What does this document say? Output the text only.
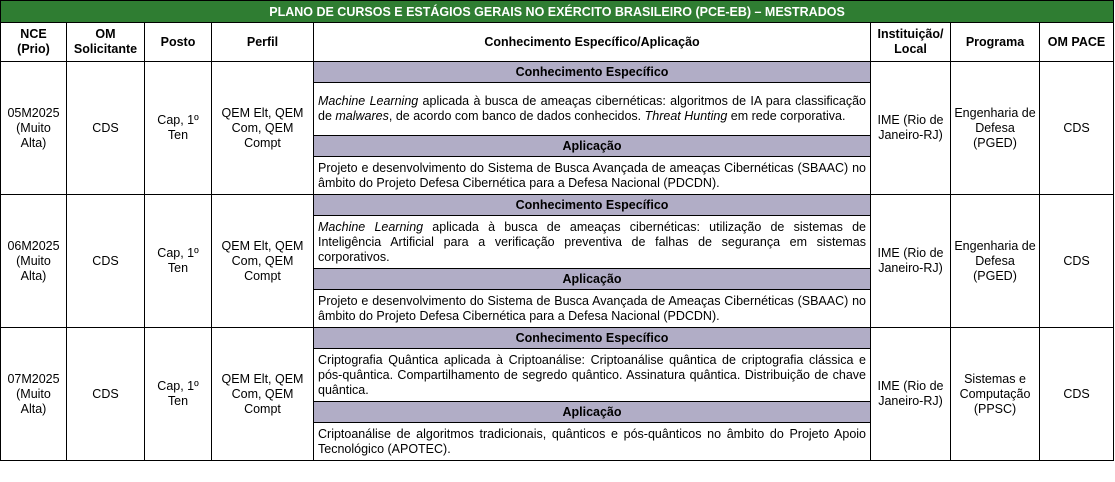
PLANO DE CURSOS E ESTÁGIOS GERAIS NO EXÉRCITO BRASILEIRO (PCE-EB) – MESTRADOS							
NCE (Prio)	OM Solicitante	Posto	Perfil	Conhecimento Específico/Aplicação	Instituição/ Local	Programa	OM PACE
05M2025 (Muito Alta)	CDS	Cap, 1º Ten	QEM Elt, QEM Com, QEM Compt	Conhecimento Específico	IME (Rio de Janeiro-RJ)	Engenharia de Defesa (PGED)	CDS
				Machine Learning aplicada à busca de ameaças cibernéticas: algoritmos de IA para classificação de malwares, de acordo com banco de dados conhecidos. Threat Hunting em rede corporativa.			
				Aplicação			
				Projeto e desenvolvimento do Sistema de Busca Avançada de ameaças Cibernéticas (SBAAC) no âmbito do Projeto Defesa Cibernética para a Defesa Nacional (PDCDN).			
06M2025 (Muito Alta)	CDS	Cap, 1º Ten	QEM Elt, QEM Com, QEM Compt	Conhecimento Específico	IME (Rio de Janeiro-RJ)	Engenharia de Defesa (PGED)	CDS
				Machine Learning aplicada à busca de ameaças cibernéticas: utilização de sistemas de Inteligência Artificial para a verificação preventiva de falhas de segurança em sistemas corporativos.			
				Aplicação			
				Projeto e desenvolvimento do Sistema de Busca Avançada de Ameaças Cibernéticas (SBAAC) no âmbito do Projeto Defesa Cibernética para a Defesa Nacional (PDCDN).			
07M2025 (Muito Alta)	CDS	Cap, 1º Ten	QEM Elt, QEM Com, QEM Compt	Conhecimento Específico	IME (Rio de Janeiro-RJ)	Sistemas e Computação (PPSC)	CDS
				Criptografia Quântica aplicada à Criptoanálise: Criptoanálise quântica de criptografia clássica e pós-quântica. Compartilhamento de segredo quântico. Assinatura quântica. Distribuição de chave quântica.			
				Aplicação			
				Criptoanálise de algoritmos tradicionais, quânticos e pós-quânticos no âmbito do Projeto Apoio Tecnológico (APOTEC).			
